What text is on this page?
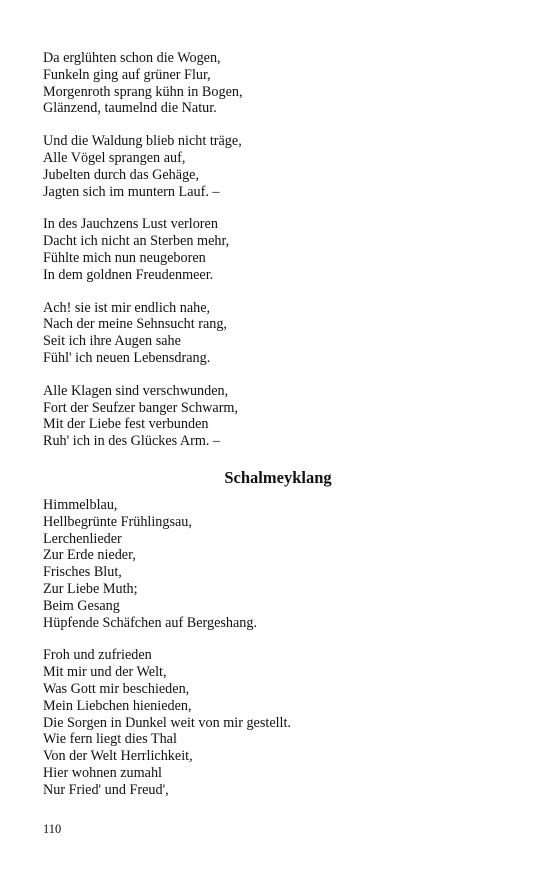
Da erglühten schon die Wogen,
Funkeln ging auf grüner Flur,
Morgenroth sprang kühn in Bogen,
Glänzend, taumelnd die Natur.
Und die Waldung blieb nicht träge,
Alle Vögel sprangen auf,
Jubelten durch das Gehäge,
Jagten sich im muntern Lauf. –
In des Jauchzens Lust verloren
Dacht ich nicht an Sterben mehr,
Fühlte mich nun neugeboren
In dem goldnen Freudenmeer.
Ach! sie ist mir endlich nahe,
Nach der meine Sehnsucht rang,
Seit ich ihre Augen sahe
Fühl' ich neuen Lebensdrang.
Alle Klagen sind verschwunden,
Fort der Seufzer banger Schwarm,
Mit der Liebe fest verbunden
Ruh' ich in des Glückes Arm. –
Schalmeyklang
Himmelblau,
Hellbegrünte Frühlingsau,
Lerchenlieder
Zur Erde nieder,
Frisches Blut,
Zur Liebe Muth;
Beim Gesang
Hüpfende Schäfchen auf Bergeshang.
Froh und zufrieden
Mit mir und der Welt,
Was Gott mir beschieden,
Mein Liebchen hienieden,
Die Sorgen in Dunkel weit von mir gestellt.
Wie fern liegt dies Thal
Von der Welt Herrlichkeit,
Hier wohnen zumahl
Nur Fried' und Freud',
110
